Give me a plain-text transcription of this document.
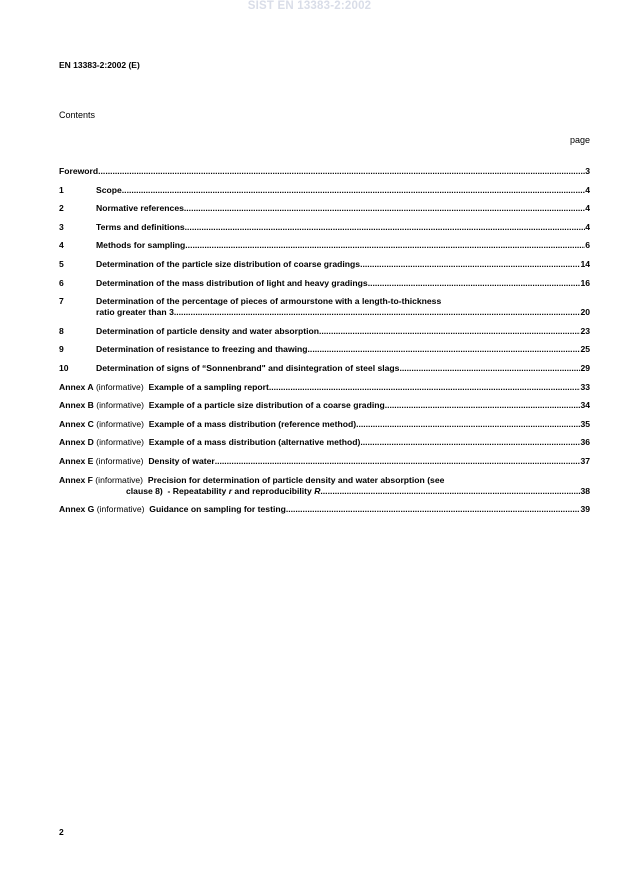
SIST EN 13383-2:2002
EN 13383-2:2002 (E)
Contents
page
Foreword .....	3
1	Scope .....	4
2	Normative references .....	4
3	Terms and definitions .....	4
4	Methods for sampling .....	6
5	Determination of the particle size distribution of coarse gradings .....	14
6	Determination of the mass distribution of light and heavy gradings .....	16
7	Determination of the percentage of pieces of armourstone with a length-to-thickness
ratio greater than 3 .....	20
8	Determination of particle density and water absorption .....	23
9	Determination of resistance to freezing and thawing .....	25
10	Determination of signs of “Sonnenbrand" and disintegration of steel slags .....	29
Annex A (informative) Example of a sampling report .....	33
Annex B (informative) Example of a particle size distribution of a coarse grading .....	34
Annex C (informative) Example of a mass distribution (reference method) .....	35
Annex D (informative) Example of a mass distribution (alternative method) .....	36
Annex E (informative) Density of water .....	37
Annex F (informative) Precision for determination of particle density and water absorption (see
clause 8)  - Repeatability r and reproducibility R .....	38
Annex G (informative) Guidance on sampling for testing .....	39
2
